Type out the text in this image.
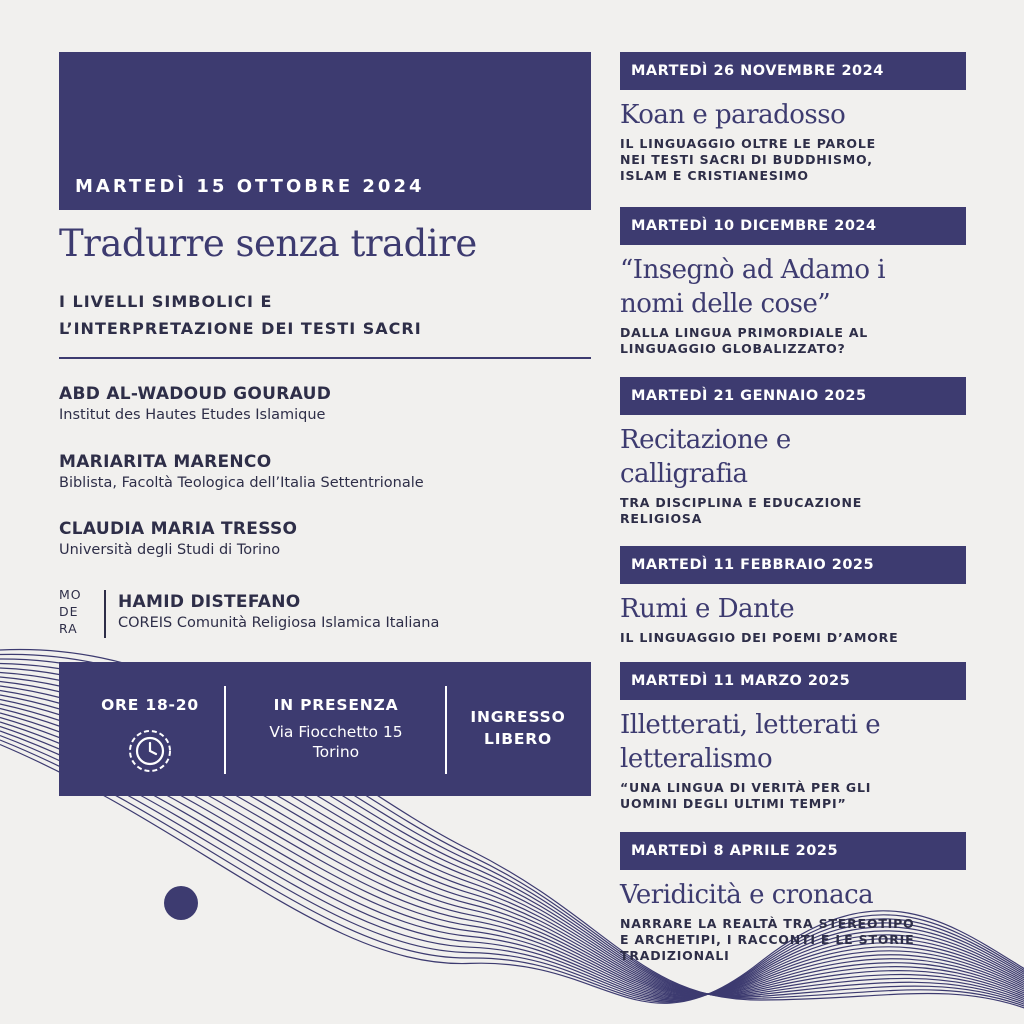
MARTEDÌ 15 OTTOBRE 2024
Tradurre senza tradire
I LIVELLI SIMBOLICI E
L’INTERPRETAZIONE DEI TESTI SACRI
ABD AL-WADOUD GOURAUD
Institut des Hautes Etudes Islamique
MARIARITA MARENCO
Biblista, Facoltà Teologica dell’Italia Settentrionale
CLAUDIA MARIA TRESSO
Università degli Studi di Torino
MO
DE
RA
HAMID DISTEFANO
COREIS Comunità Religiosa Islamica Italiana
ORE 18-20	IN PRESENZA
Via Fiocchetto 15
Torino
INGRESSO
LIBERO
MARTEDÌ 26 NOVEMBRE 2024
Koan e paradosso
IL LINGUAGGIO OLTRE LE PAROLE
NEI TESTI SACRI DI BUDDHISMO,
ISLAM E CRISTIANESIMO
MARTEDÌ 10 DICEMBRE 2024
“Insegnò ad Adamo i
nomi delle cose”
DALLA LINGUA PRIMORDIALE AL
LINGUAGGIO GLOBALIZZATO?
MARTEDÌ 21 GENNAIO 2025
Recitazione e
calligrafia
TRA DISCIPLINA E EDUCAZIONE
RELIGIOSA
MARTEDÌ 11 FEBBRAIO 2025
Rumi e Dante
IL LINGUAGGIO DEI POEMI D’AMORE
MARTEDÌ 11 MARZO 2025
Illetterati, letterati e
letteralismo
“UNA LINGUA DI VERITÀ PER GLI
UOMINI DEGLI ULTIMI TEMPI”
MARTEDÌ 8 APRILE 2025
Veridicità e cronaca
NARRARE LA REALTÀ TRA STEREOTIPO
E ARCHETIPI, I RACCONTI E LE STORIE
TRADIZIONALI
